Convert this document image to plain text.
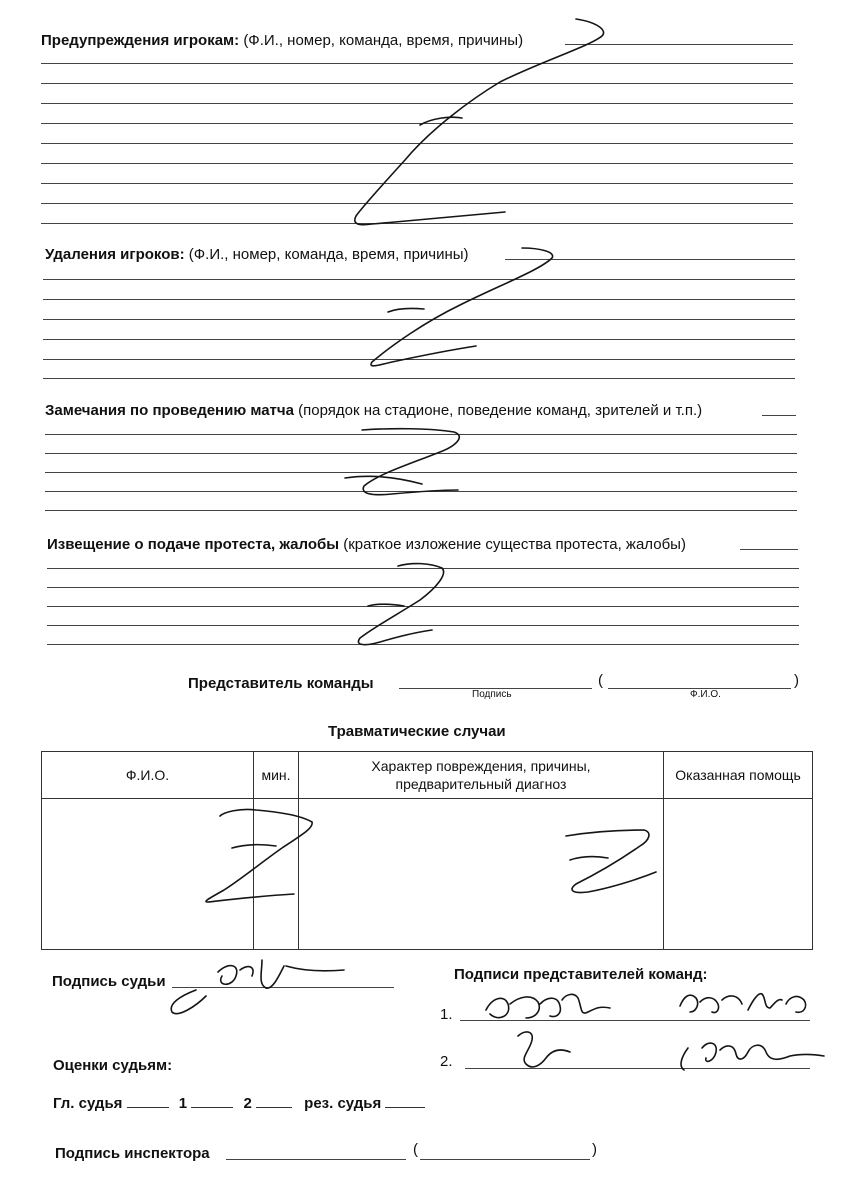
Предупреждения игрокам: (Ф.И., номер, команда, время, причины)
Удаления игроков: (Ф.И., номер, команда, время, причины)
Замечания по проведению матча (порядок на стадионе, поведение команд, зрителей и т.п.)
Извещение о подаче протеста, жалобы (краткое изложение существа протеста, жалобы)
Представитель команды	(	)
Подпись	Ф.И.О.
Травматические случаи
Ф.И.О.	мин.	Характер повреждения, причины, предварительный диагноз	Оказанная помощь

Подпись судьи	Подписи представителей команд:
1.
2.
Оценки судьям:
Гл. судья	1	2	рез. судья
Подпись инспектора	(	)
